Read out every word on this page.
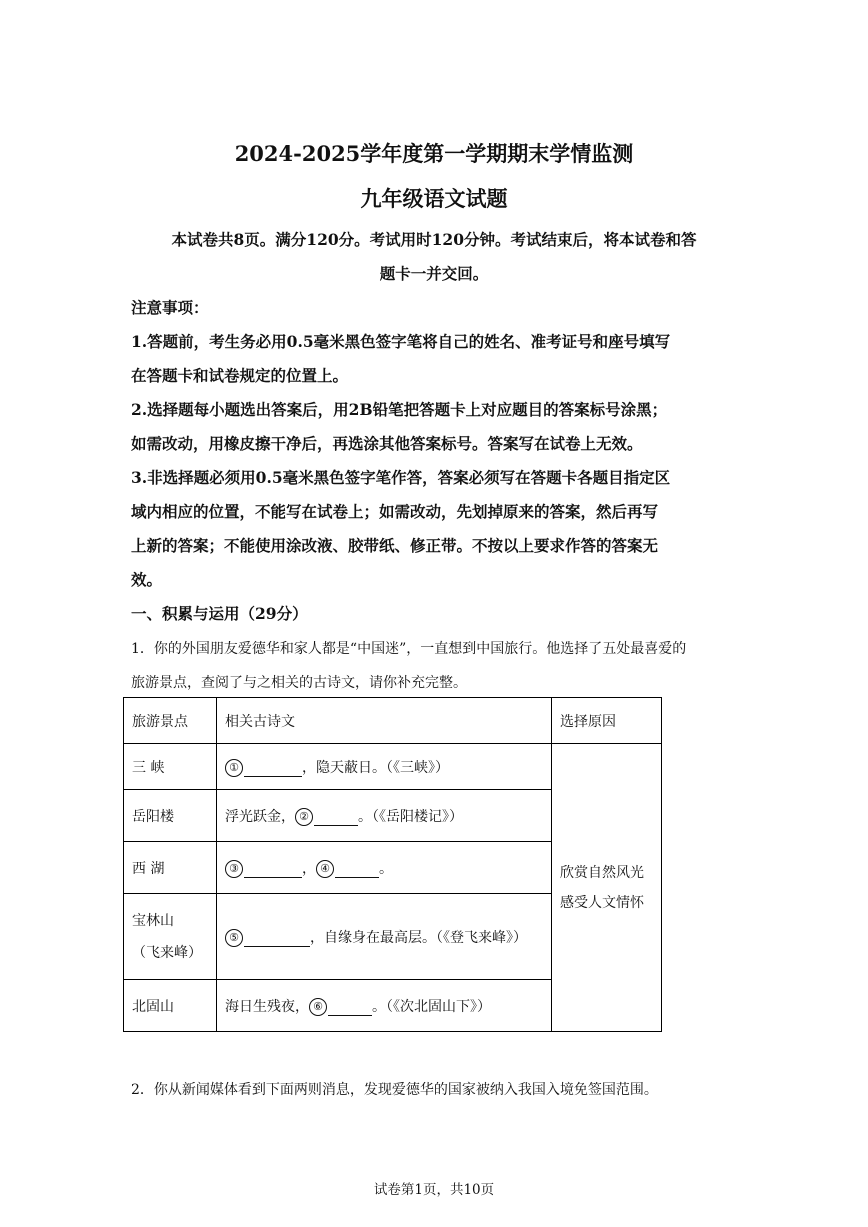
2024-2025学年度第一学期期末学情监测
九年级语文试题
本试卷共8页。满分120分。考试用时120分钟。考试结束后，将本试卷和答
题卡一并交回。
注意事项：
1.答题前，考生务必用0.5毫米黑色签字笔将自己的姓名、准考证号和座号填写
在答题卡和试卷规定的位置上。
2.选择题每小题选出答案后，用2B铅笔把答题卡上对应题目的答案标号涂黑；
如需改动，用橡皮擦干净后，再选涂其他答案标号。答案写在试卷上无效。
3.非选择题必须用0.5毫米黑色签字笔作答，答案必须写在答题卡各题目指定区
域内相应的位置，不能写在试卷上；如需改动，先划掉原来的答案，然后再写
上新的答案；不能使用涂改液、胶带纸、修正带。不按以上要求作答的答案无
效。
一、积累与运用（29分）
1．你的外国朋友爱德华和家人都是“中国迷”，一直想到中国旅行。他选择了五处最喜爱的
旅游景点，查阅了与之相关的古诗文，请你补充完整。
旅游景点	相关古诗文	选择原因
三 峡	① ，隐天蔽日。（《三峡》）	欣赏自然风光
感受人文情怀

岳阳楼	浮光跃金， ② 。（《岳阳楼记》）	
西 湖	③ ， ④ 。	

宝林山
（飞来峰）	⑤ ，自缘身在最高层。（《登飞来峰》）	
北固山	海日生残夜， ⑥ 。（《次北固山下》）	
2．你从新闻媒体看到下面两则消息，发现爱德华的国家被纳入我国入境免签国范围。
试卷第1页，共10页
